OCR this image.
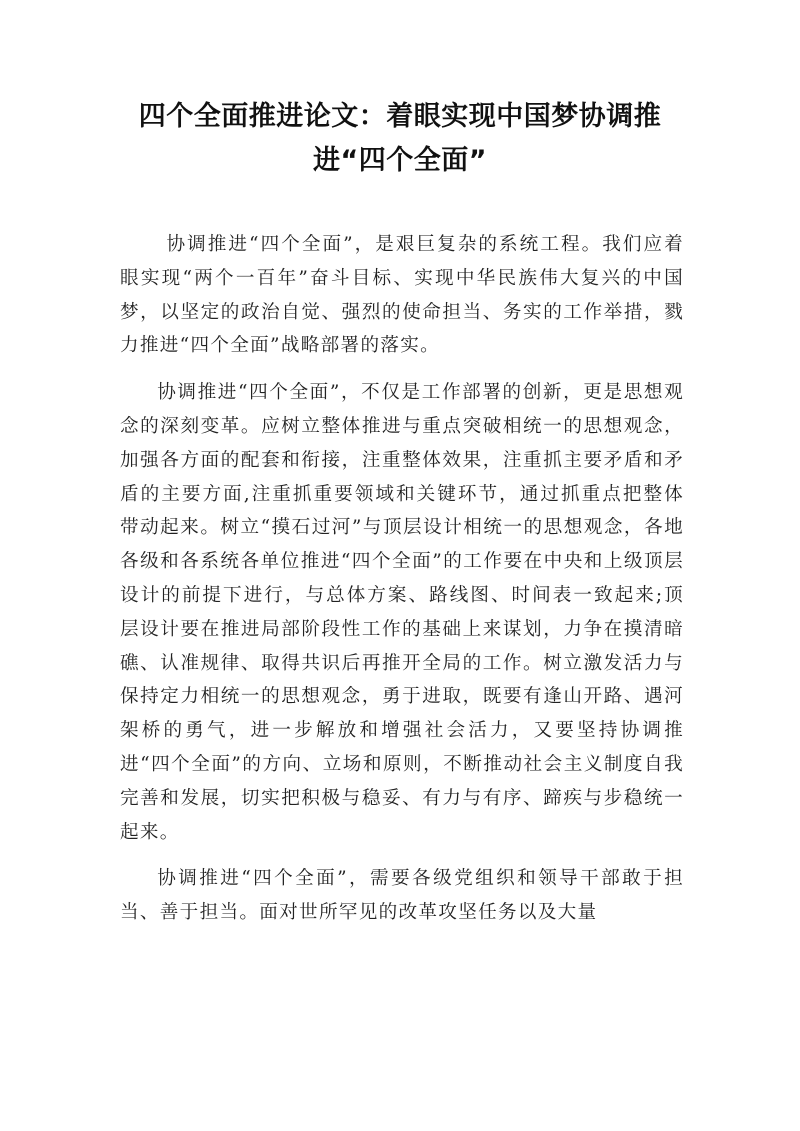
四个全面推进论文：着眼实现中国梦协调推进“四个全面”

协调推进“四个全面”，是艰巨复杂的系统工程。我们应着眼实现“两个一百年”奋斗目标、实现中华民族伟大复兴的中国梦，以坚定的政治自觉、强烈的使命担当、务实的工作举措，戮力推进“四个全面”战略部署的落实。

协调推进“四个全面”，不仅是工作部署的创新，更是思想观念的深刻变革。应树立整体推进与重点突破相统一的思想观念，加强各方面的配套和衔接，注重整体效果，注重抓主要矛盾和矛盾的主要方面,注重抓重要领域和关键环节，通过抓重点把整体带动起来。树立“摸石过河”与顶层设计相统一的思想观念，各地各级和各系统各单位推进“四个全面”的工作要在中央和上级顶层设计的前提下进行，与总体方案、路线图、时间表一致起来;顶层设计要在推进局部阶段性工作的基础上来谋划，力争在摸清暗礁、认准规律、取得共识后再推开全局的工作。树立激发活力与保持定力相统一的思想观念，勇于进取，既要有逢山开路、遇河架桥的勇气，进一步解放和增强社会活力，又要坚持协调推进“四个全面”的方向、立场和原则，不断推动社会主义制度自我完善和发展，切实把积极与稳妥、有力与有序、蹄疾与步稳统一起来。

协调推进“四个全面”，需要各级党组织和领导干部敢于担当、善于担当。面对世所罕见的改革攻坚任务以及大量
